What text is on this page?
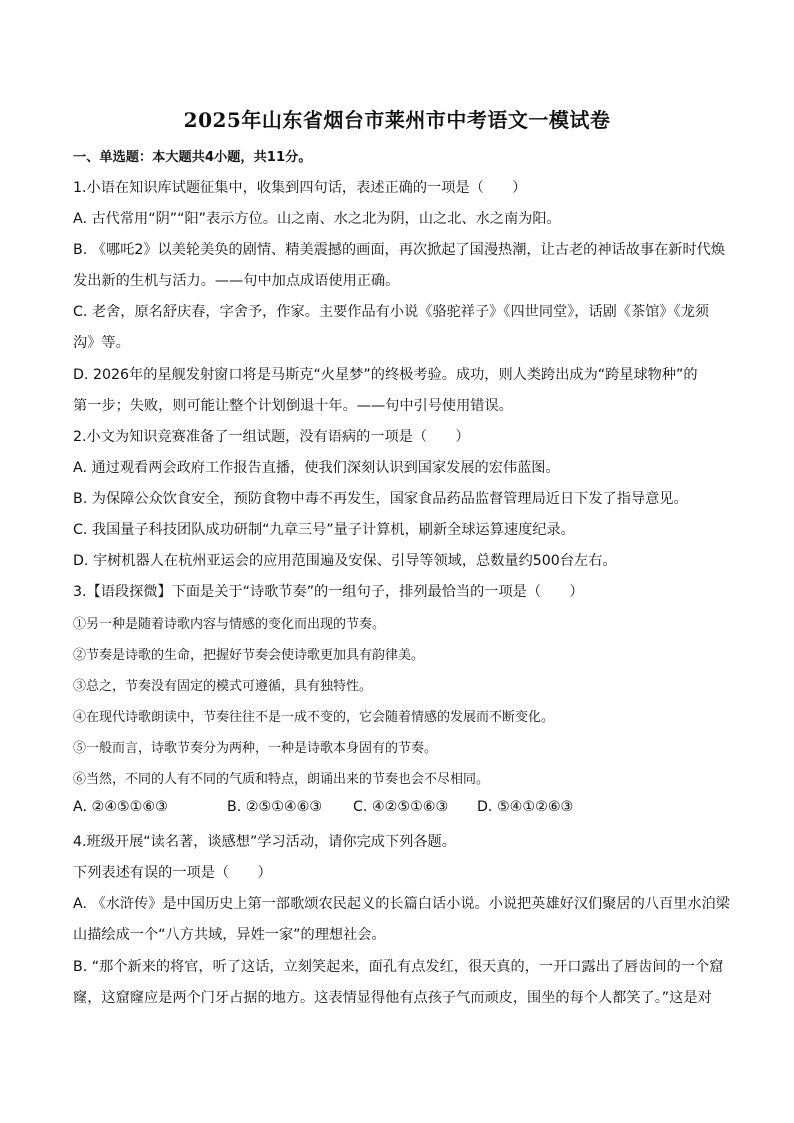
2025年山东省烟台市莱州市中考语文一模试卷
一、单选题：本大题共4小题，共11分。
1.小语在知识库试题征集中，收集到四句话，表述正确的一项是（　　）
A. 古代常用“阴”“阳”表示方位。山之南、水之北为阴，山之北、水之南为阳。
B. 《哪吒2》以美轮美奂的剧情、精美震撼的画面，再次掀起了国漫热潮，让古老的神话故事在新时代焕
发出新的生机与活力。——句中加点成语使用正确。
C. 老舍，原名舒庆春，字舍予，作家。主要作品有小说《骆驼祥子》《四世同堂》，话剧《茶馆》《龙须
沟》等。
D. 2026年的星舰发射窗口将是马斯克“火星梦”的终极考验。成功，则人类跨出成为“跨星球物种”的
第一步；失败，则可能让整个计划倒退十年。——句中引号使用错误。
2.小文为知识竞赛准备了一组试题，没有语病的一项是（　　）
A. 通过观看两会政府工作报告直播，使我们深刻认识到国家发展的宏伟蓝图。
B. 为保障公众饮食安全，预防食物中毒不再发生，国家食品药品监督管理局近日下发了指导意见。
C. 我国量子科技团队成功研制“九章三号”量子计算机，刷新全球运算速度纪录。
D. 宇树机器人在杭州亚运会的应用范围遍及安保、引导等领域，总数量约500台左右。
3.【语段探微】下面是关于“诗歌节奏”的一组句子，排列最恰当的一项是（　　）
①另一种是随着诗歌内容与情感的变化而出现的节奏。
②节奏是诗歌的生命，把握好节奏会使诗歌更加具有韵律美。
③总之，节奏没有固定的模式可遵循，具有独特性。
④在现代诗歌朗读中，节奏往往不是一成不变的，它会随着情感的发展而不断变化。
⑤一般而言，诗歌节奏分为两种，一种是诗歌本身固有的节奏。
⑥当然，不同的人有不同的气质和特点，朗诵出来的节奏也会不尽相同。
A. ②④⑤①⑥③	B. ②⑤①④⑥③ C. ④②⑤①⑥③ D. ⑤④①②⑥③
4.班级开展“读名著，谈感想”学习活动，请你完成下列各题。
下列表述有误的一项是（　　）
A. 《水浒传》是中国历史上第一部歌颂农民起义的长篇白话小说。小说把英雄好汉们聚居的八百里水泊梁
山描绘成一个“八方共域，异姓一家”的理想社会。
B. “那个新来的将官，听了这话，立刻笑起来，面孔有点发红，很天真的，一开口露出了唇齿间的一个窟
窿，这窟窿应是两个门牙占据的地方。这表情显得他有点孩子气而顽皮，围坐的每个人都笑了。”这是对
